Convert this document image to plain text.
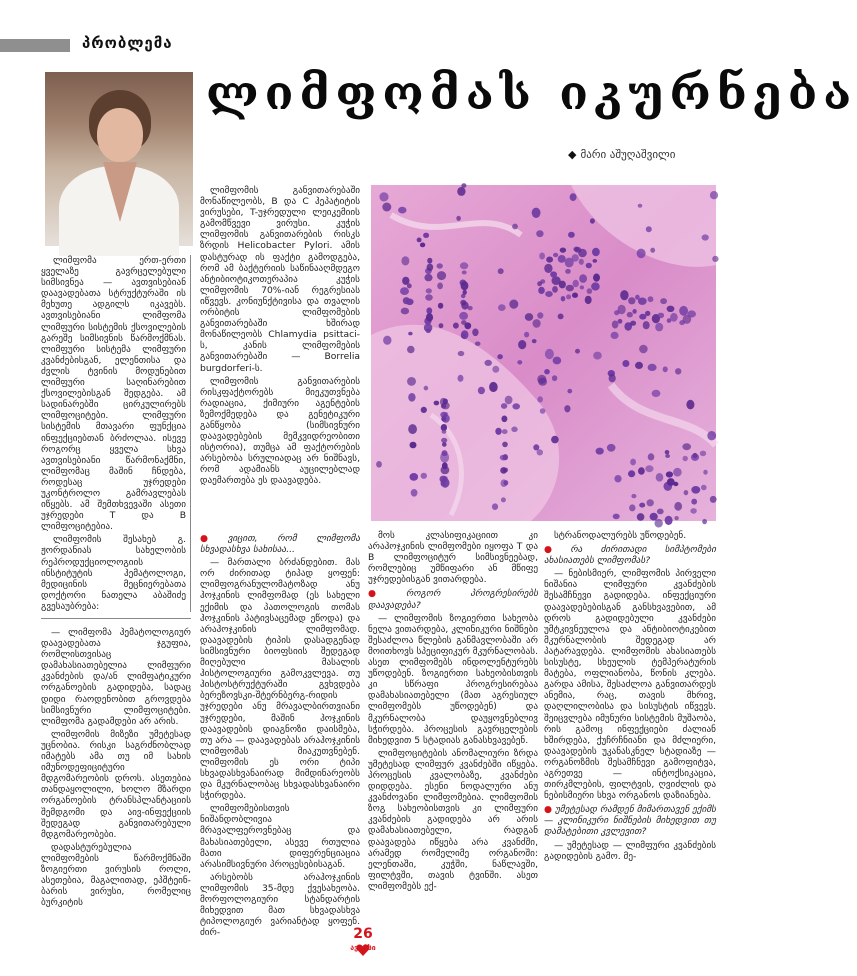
პრობლემა
ლიმფომას იკურნება
◆ მარი აშუღაშვილი

ლიმფომა ერთ-ერთი ყველაზე გავრცელებული სიმსივნეა — ავთვისებიან დაავადებათა სტრუქტურაში ის მეხუთე ადგილს იკავებს. ავთვისებიანი ლიმფომა ლიმფური სისტემის ქსოვილების გარეშე სიმსივნის წარმოქმნას. ლიმფური სისტემა ლიმფური კვანძებისგან, ელენთისა და ძვლის ტვინის მოდუნებით ლიმფური საღინარებით ქსოვილებისგან შედგება. ამ სადინარებში ცირკულირებს ლიმფოციტები. ლიმფური სისტემის მთავარი ფუნქცია ინფექციებთან ბრძოლაა. ისევე როგორც ყველა სხვა ავთვისებიანი წარმონაქმნი, ლიმფომაც მაშინ ჩნდება, როდესაც უჯრედები უკონტროლო გამრავლებას იწყებს. ამ შემთხვევაში ასეთი უჯრედები T და B ლიმფოციტებია.

ლიმფომის შესახებ გ. ჟორდანიას სახელობის რეპროდუქციოლოგიის ინსტიტუტის ჰემატოლოგი, მედიცინის მეცნიერებათა დოქტორი ნათელა აბაშიძე გვესაუბრება:

— ლიმფომა ჰემატოლოგიურ დაავადებათა ჯგუფია, რომლისთვისაც დამახასიათებელია ლიმფური კვანძების და/ან ლიმფატიკური ორგანოების გადიდება, სადაც დიდი რაოდენობით გროვდება სიმსივნური ლიმფოციტები. ლიმფომა გადამდები არ არის.

ლიმფომის მიზეზი უმეტესად უცნობია. რისკი საგრძნობლად იმატებს ამა თუ იმ სახის იმუნოდეფიციტური მდგომარეობის დროს. ასეთებია თანდაყოლილი, ხოლო მზარდი ორგანოების ტრანსპლანტაციის შემდგომი და აივ-ინფექციის შედეგად განვითარებული მდგომარეობები.

დადასტურებულია ლიმფომების წარმოქმნაში ზოგიერთი ვირუსის როლი, ასეთებია, მაგალითად, ეპშტეინ-ბარის ვირუსი, რომელიც ბურკიტის

ლიმფომის განვითარებაში მონაწილეობს, B და C ჰეპატიტის ვირუსები, T-უჯრედული ლეიკემიის გამომწვევი ვირუსი. კუჭის ლიმფომის განვითარების რისკს ზრდის Helicobacter Pylori. ამის დასტურად ის ფაქტი გამოდგება, რომ ამ ბაქტერიის საწინააღმდეგო ანტიბიოტიკოთერაპია კუჭის ლიმფომის 70%-იან რეგრესიას იწვევს. კონიუნქტივისა და თვალის ორბიტის ლიმფომების განვითარებაში ხშირად მონაწილეობს Chlamydia psittaci-ს, კანის ლიმფომების განვითარებაში — Borrelia burgdorferi-ს.

ლიმფომის განვითარების რისკფაქტორებს მიეკუთვნება რადიაცია, ქიმიური აგენტების ზემოქმედება და გენეტიკური განწყობა (სიმსივნური დაავადებების მემკვიდრეობითი ისტორია), თუმცა ამ ფაქტორების არსებობა სრულიადაც არ ნიშნავს, რომ ადამიანს აუცილებლად დაემართება ეს დაავადება.

● ვიცით, რომ ლიმფომა სხვადასხვა სახისაა...

— მართალი ბრძანდებით. მას ორ ძირითად ტიპად ყოფენ: ლიმფოგრანულომატოზად ანუ ჰოჯკინის ლიმფომად (ეს სახელი ექიმის და პათოლოგის თომას ჰოჯკინის პატივსაცემად ეწოდა) და არაჰოჯკინის ლიმფომად. დაავადების ტიპის დასადგენად სიმსივნური ბიოფსიის შედეგად მიღებული მასალის ჰისტოლოგიური გამოკვლევა. თუ ჰისტოსტრუქტურაში გვხვდება ბერეზოვსკი-შტერნბერგ-რიდის უჯრედები ანუ მრავალბირთვიანი უჯრედები, მაშინ ჰოჯკინის დაავადების დიაგნოზი დაისმება, თუ არა — დაავადებას არაჰოჯკინის ლიმფომას მიაკუთვნებენ. ლიმფომის ეს ორი ტიპი სხვადასხვანაირად მიმდინარეობს და მკურნალობაც სხვადასხვანაირი სჭირდება.

ლიმფომებისთვის ნიშანდობლივია მრავალფეროვნებაც და მახასიათებელი, ასევე რთულია მათი დიფერენციაცია არასიმსივნური პროცესებისაგან.

არსებობს არაჰოჯკინის ლიმფომის 35-მდე ქვესახეობა. მორფოლოგიური სტანდარტის მიხედვით მათ სხვადასხვა ტიპოლოგიურ ვარიანტად ყოფენ. ძირ-

მოს კლასიფიკაციით კი არაჰოჯკინის ლიმფომები იყოფა T და B ლიმფოციტურ სიმსივნეებად, რომლებიც უმწიფარი ან მწიფე უჯრედებისგან ვითარდება.

● როგორ პროგრესირებს დაავადება?

— ლიმფომის ზოგიერთი სახეობა ნელა ვითარდება, კლინიკური ნიშნები შესაძლოა წლების განმავლობაში არ მოითხოვს სპეციფიკურ მკურნალობას. ასეთ ლიმფომებს ინდოლენტურებს უწოდებენ. ზოგიერთი სახეობისთვის კი სწრაფი პროგრესირებაა დამახასიათებელი (მათ აგრესიულ ლიმფომებს უწოდებენ) და მკურნალობა დაუყოვნებლივ სჭირდება. პროცესის გავრცელების მიხედვით 5 სტადიას განასხვავებენ.

ლიმფოციტების ანომალიური ზრდა უმეტესად ლიმფურ კვანძებში იწყება. პროცესის კვალობაზე, კვანძები დიდდება. ესენი ნოდალური ანუ კვანძოვანი ლიმფომებია. ლიმფომის ზოგ სახეობისთვის კი ლიმფური კვანძების გადიდება არ არის დამახასიათებელი, რადგან დაავადება იწყება არა კვანძში, არამედ რომელიმე ორგანოში: ელენთაში, კუჭში, ნაწლავში, ფილტვში, თავის ტვინში. ასეთ ლიმფომებს ექ-

სტრანოდალურებს უწოდებენ.

● რა ძირითადი სიმპტომები ახასიათებს ლიმფომას?

— ნებისმიერ, ლიმფომის პირველი ნიშანია ლიმფური კვანძების შესამჩნევი გადიდება. ინფექციური დაავადებებისგან განსხვავებით, ამ დროს გადიდებული კვანძები უმტკივნეულოა და ანტიბიოტიკებით მკურნალობის შედეგად არ პატარავდება. ლიმფომის ახასიათებს სისუსტე, სხეულის ტემპერატურის მატება, ოფლიანობა, წონის კლება. გარდა ამისა, შესაძლოა განვითარდეს ანემია, რაც, თავის მხრივ, დაღლილობისა და სისუსტის იწვევს. შეიცვლება იმუნური სისტემის მუშაობა, რის გამოც ინფექციები ძალიან ხშირდება, ქუჩრჩნიანი და მძლიერი, დაავადების უკანასკნელ სტადიაზე — ორგანოზმის შესამჩნევი გამოფიტვა, აგრეთვე — ინტოქსიკაცია, თირკმლების, ფილტვის, ღვიძლის და ნებისმიერი სხვა ორგანოს დაზიანება.

● უმეტესად რამდენ მიმართავენ ექიმს — კლინიკური ნიშნების მიხედვით თუ დამატებითი კვლევით?

— უმეტესად — ლიმფური კვანძების გადიდების გამო. მე-

26
ავერსი
